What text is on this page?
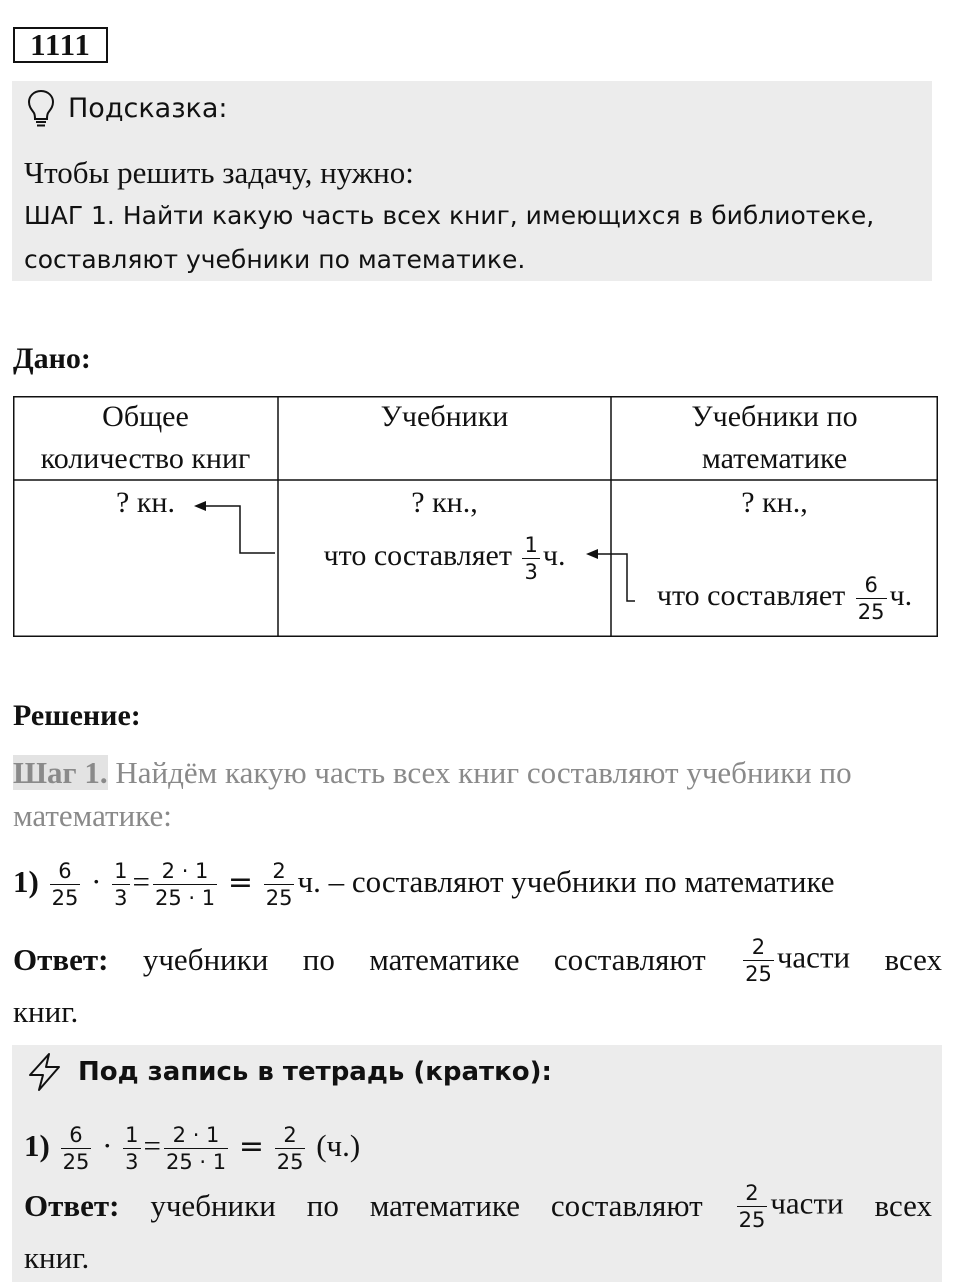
1111
Подсказка:
Чтобы решить задачу, нужно:
ШАГ 1. Найти какую часть всех книг, имеющихся в библиотеке,
составляют учебники по математике.
Дано:
Общее
количество книг
Учебники	Учебники по
математике
? кн.	? кн.,
что составляет $\frac{1}{3} ч$.
? кн.,
что составляет $\frac{6}{25} ч$.
Решение:
Шаг 1. Найдём какую часть всех книг составляют учебники по
математике:
$1) \frac{6}{25} \cdot \frac{1}{3} = \frac{2 \cdot 1}{25 \cdot 1} = \frac{2}{25} ч$. – составляют учебники по математике
Ответ: учебники по математике составляют $\frac{2}{25}$ части всех
книг.
Под запись в тетрадь (кратко):
$1) \frac{6}{25} \cdot \frac{1}{3} = \frac{2 \cdot 1}{25 \cdot 1} = \frac{2}{25} (ч.)$
Ответ: учебники по математике составляют $\frac{2}{25}$ части всех
книг.
